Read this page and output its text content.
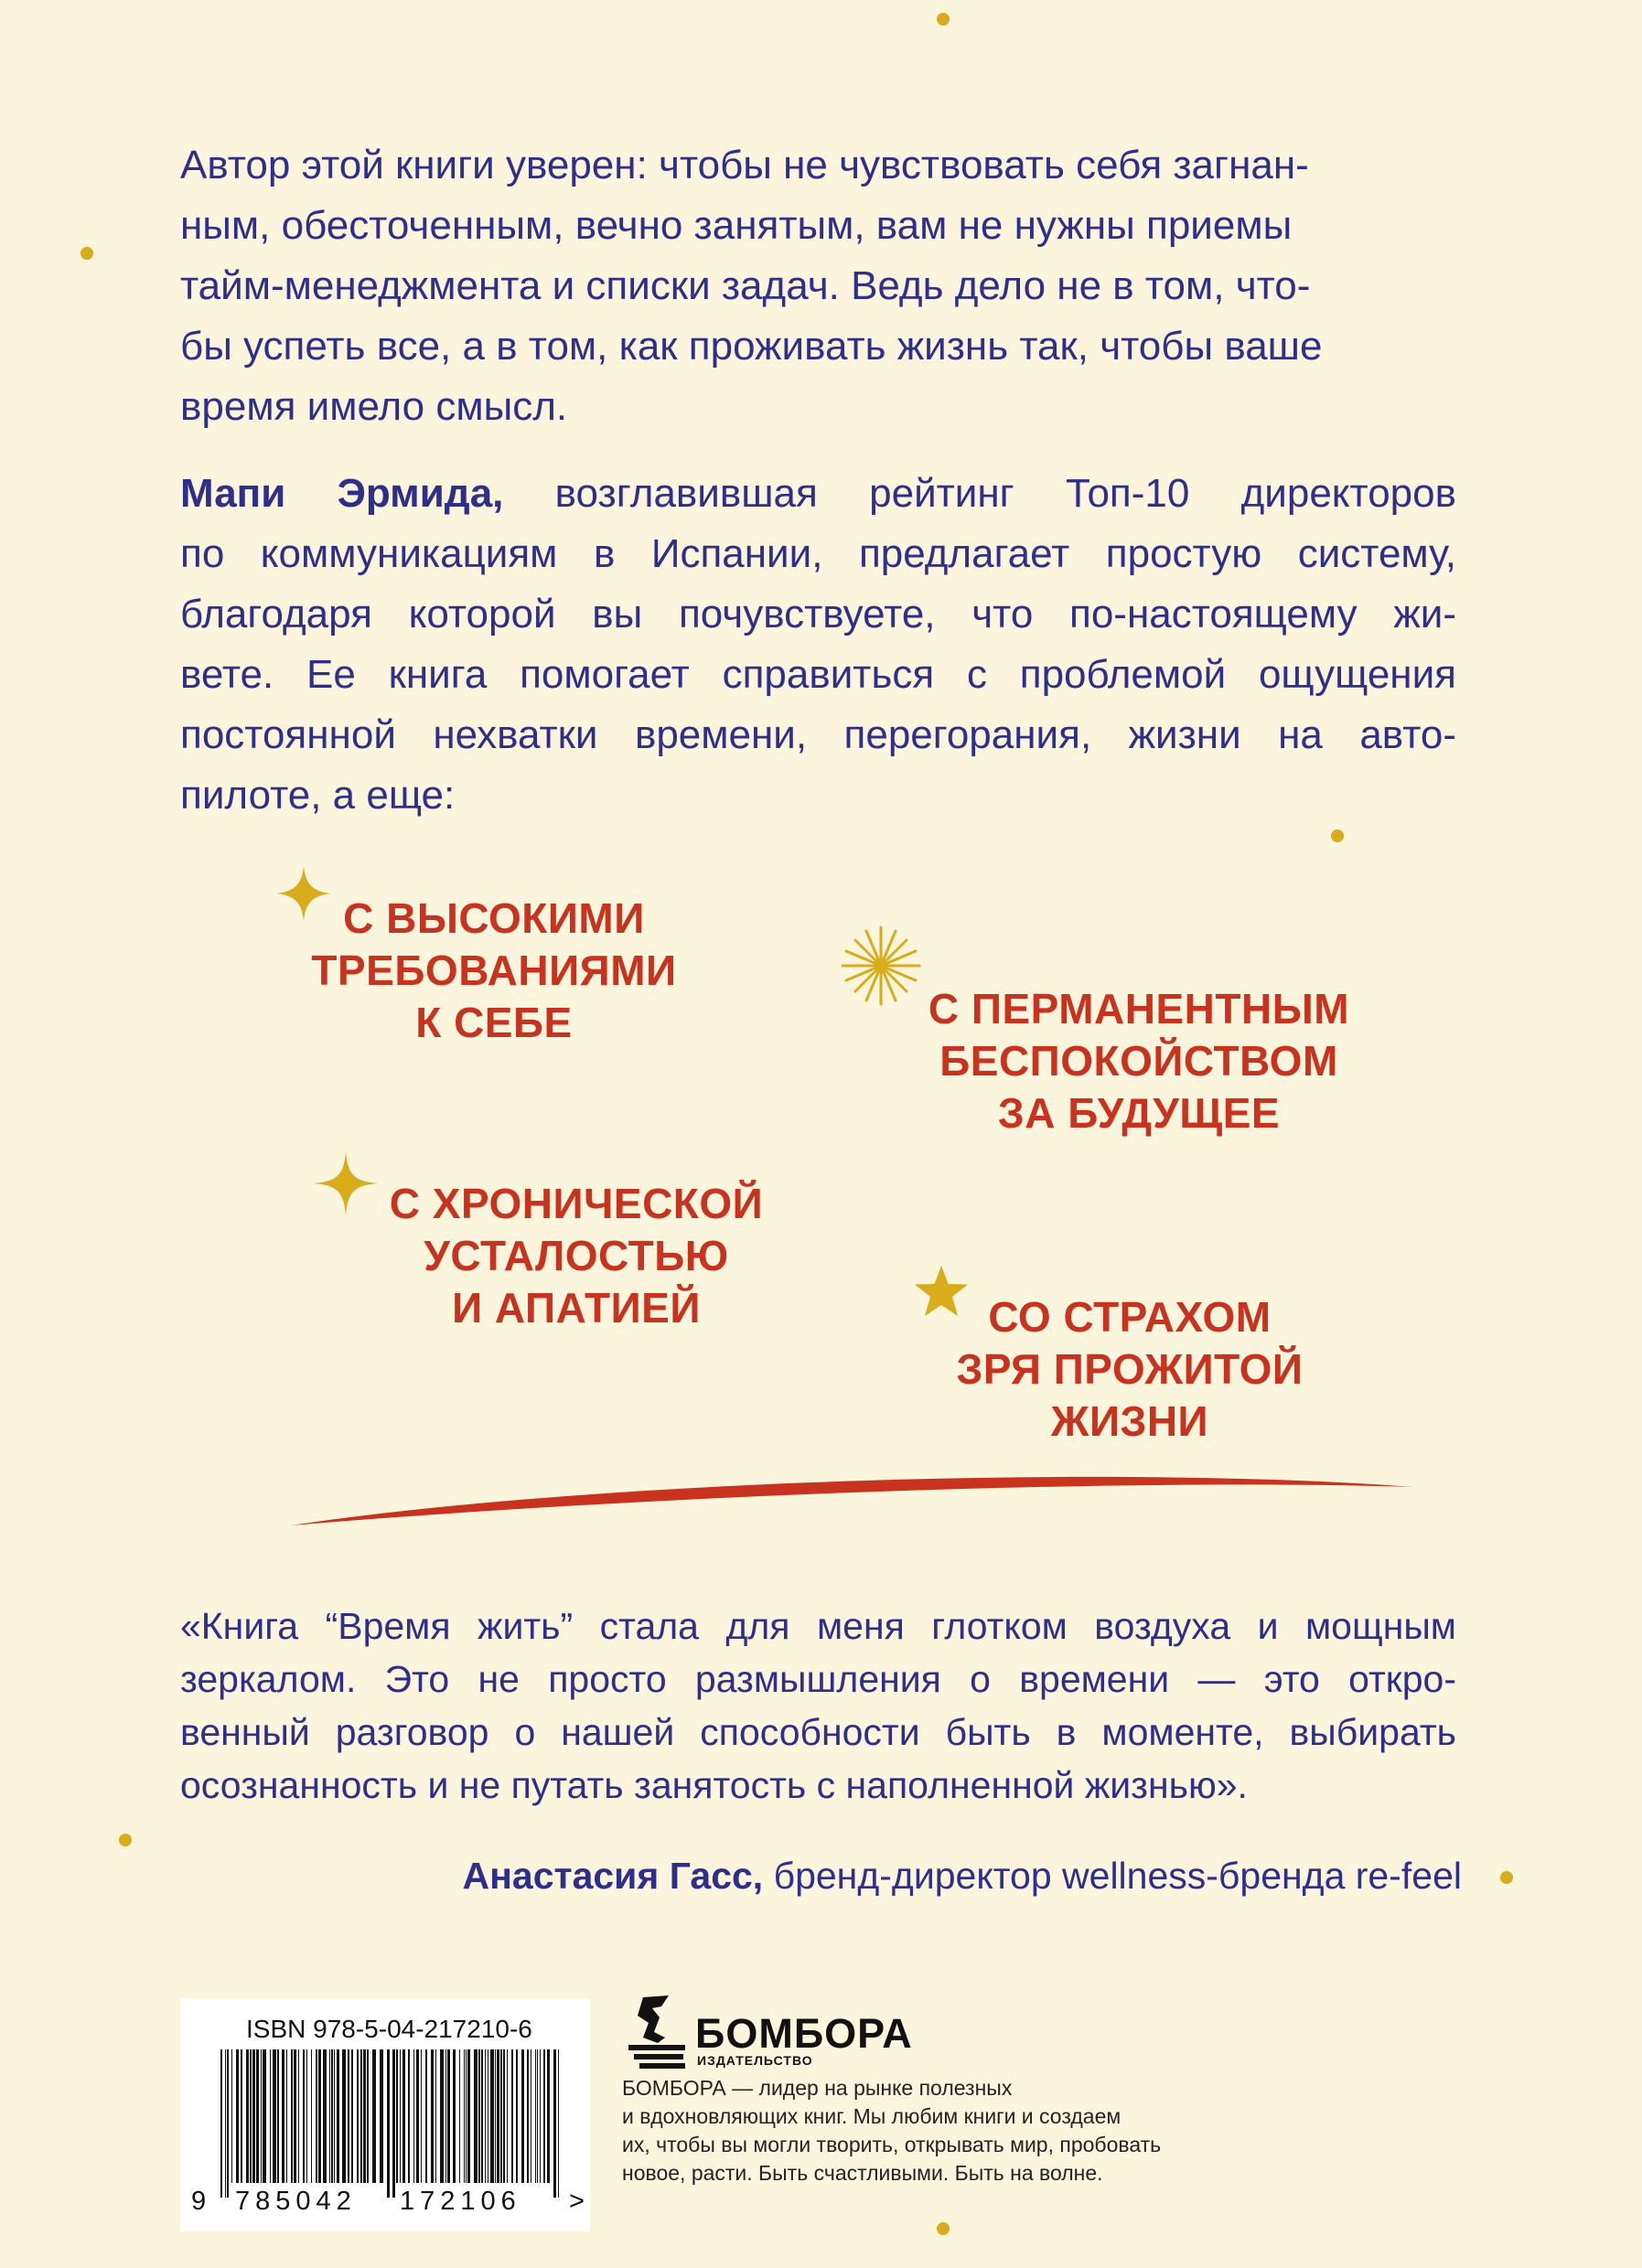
Автор этой книги уверен: чтобы не чувствовать себя загнан-
ным, обесточенным, вечно занятым, вам не нужны приемы
тайм-менеджмента и списки задач. Ведь дело не в том, что-
бы успеть все, а в том, как проживать жизнь так, чтобы ваше
время имело смысл.
Мапи Эрмида, возглавившая рейтинг Топ-10 директоров
по коммуникациям в Испании, предлагает простую систему,
благодаря которой вы почувствуете, что по-настоящему жи-
вете. Ее книга помогает справиться с проблемой ощущения
постоянной нехватки времени, перегорания, жизни на авто-
пилоте, а еще:
С ВЫСОКИМИ
ТРЕБОВАНИЯМИ
К СЕБЕ	С ПЕРМАНЕНТНЫМ
БЕСПОКОЙСТВОМ
ЗА БУДУЩЕЕ
С ХРОНИЧЕСКОЙ
УСТАЛОСТЬЮ
И АПАТИЕЙ	СО СТРАХОМ
ЗРЯ ПРОЖИТОЙ
ЖИЗНИ
«Книга “Время жить” стала для меня глотком воздуха и мощным
зеркалом. Это не просто размышления о времени — это откро-
венный разговор о нашей способности быть в моменте, выбирать
осознанность и не путать занятость с наполненной жизнью».
Анастасия Гасс, бренд-директор wellness-бренда re-feel
ISBN 978-5-04-217210-6
9 785042 172106 >
БОМБОРА
ИЗДАТЕЛЬСТВО
БОМБОРА — лидер на рынке полезных
и вдохновляющих книг. Мы любим книги и создаем
их, чтобы вы могли творить, открывать мир, пробовать
новое, расти. Быть счастливыми. Быть на волне.
